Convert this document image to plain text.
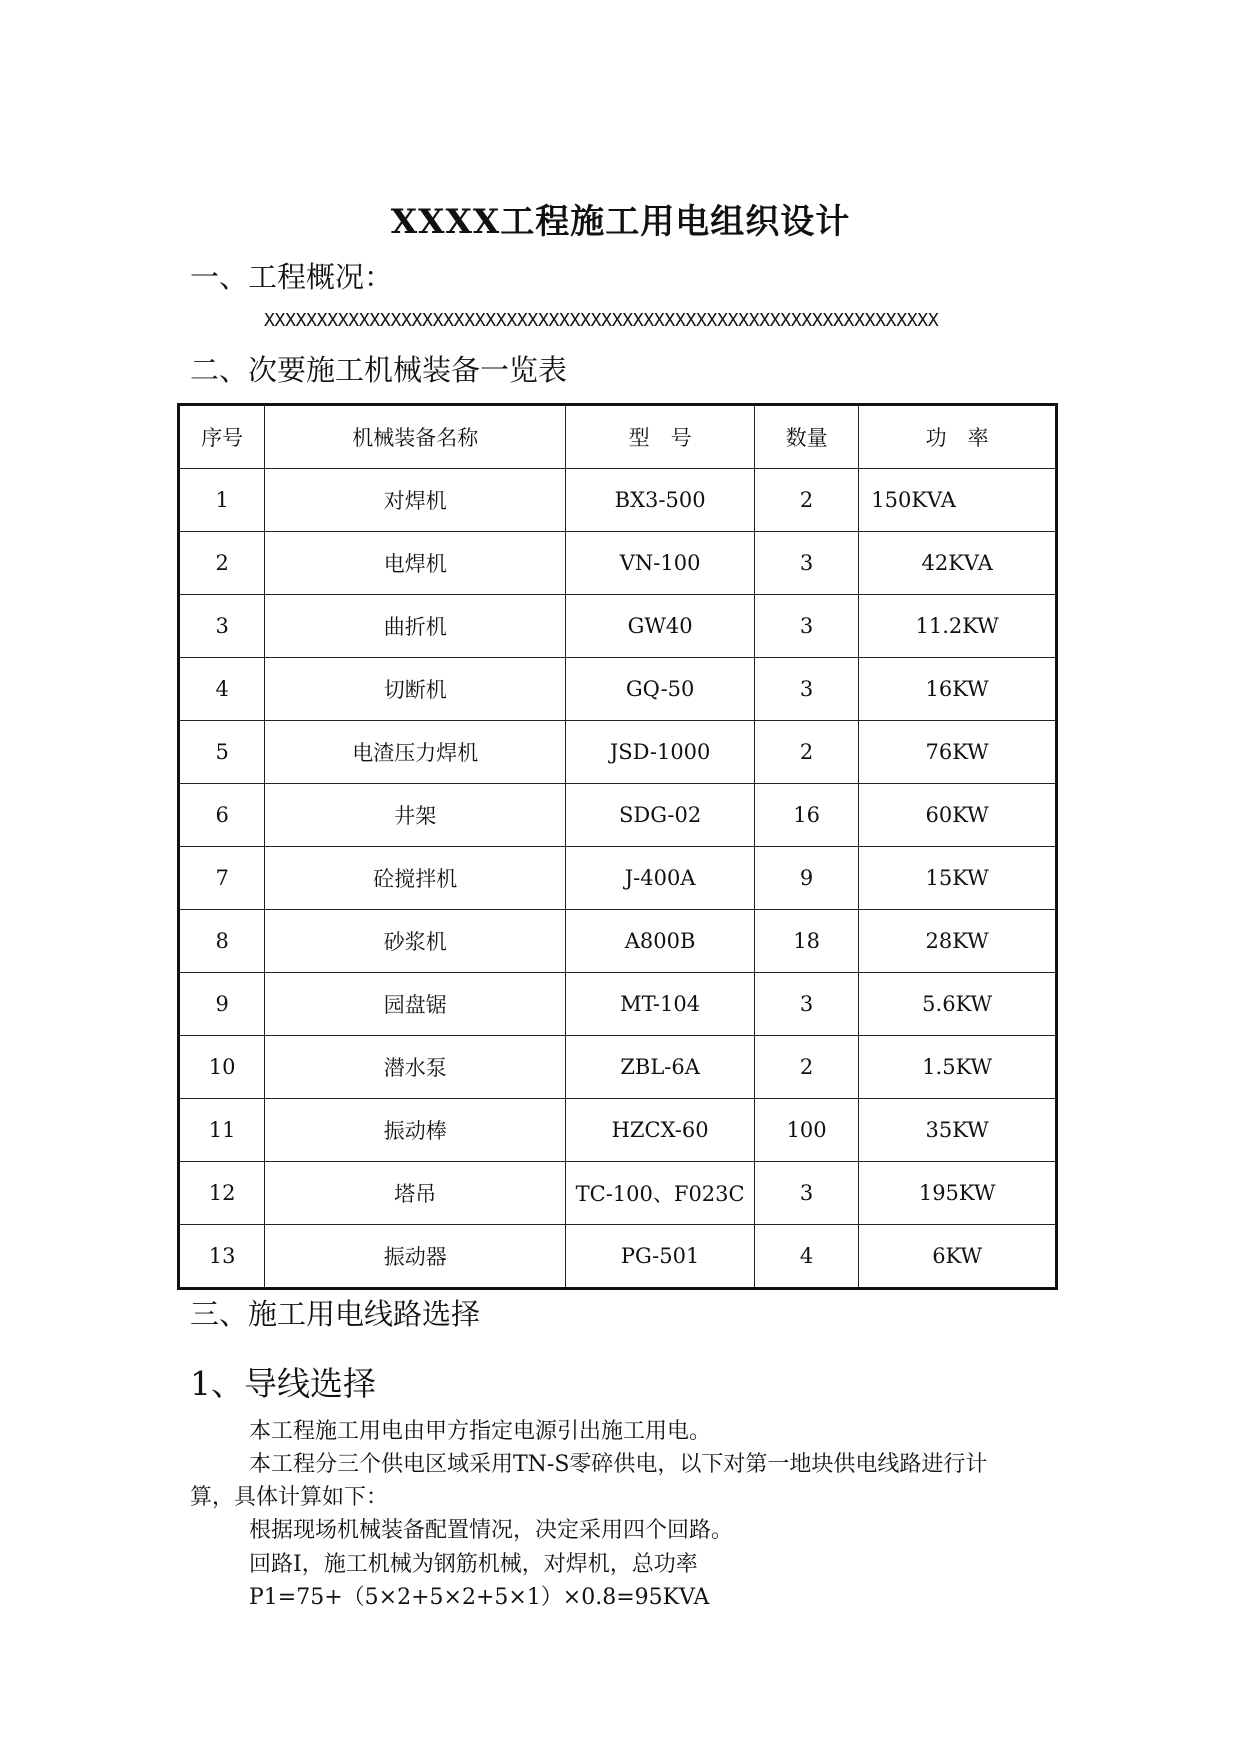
XXXX工程施工用电组织设计
一、工程概况：
XXXXXXXXXXXXXXXXXXXXXXXXXXXXXXXXXXXXXXXXXXXXXXXXXXXXXXXXXXXXXXXX
二、次要施工机械装备一览表
序号	机械装备名称	型　号	数量	功　率
1	对焊机	BX3-500	2	150KVA
2	电焊机	VN-100	3	42KVA
3	曲折机	GW40	3	11.2KW
4	切断机	GQ-50	3	16KW
5	电渣压力焊机	JSD-1000	2	76KW
6	井架	SDG-02	16	60KW
7	砼搅拌机	J-400A	9	15KW
8	砂浆机	A800B	18	28KW
9	园盘锯	MT-104	3	5.6KW
10	潜水泵	ZBL-6A	2	1.5KW
11	振动棒	HZCX-60	100	35KW
12	塔吊	TC-100、F023C	3	195KW
13	振动器	PG-501	4	6KW
三、施工用电线路选择
1、导线选择
本工程施工用电由甲方指定电源引出施工用电。
本工程分三个供电区域采用TN-S零碎供电，以下对第一地块供电线路进行计
算，具体计算如下：
根据现场机械装备配置情况，决定采用四个回路。
回路I，施工机械为钢筋机械，对焊机，总功率
P1=75+（5×2+5×2+5×1）×0.8=95KVA
